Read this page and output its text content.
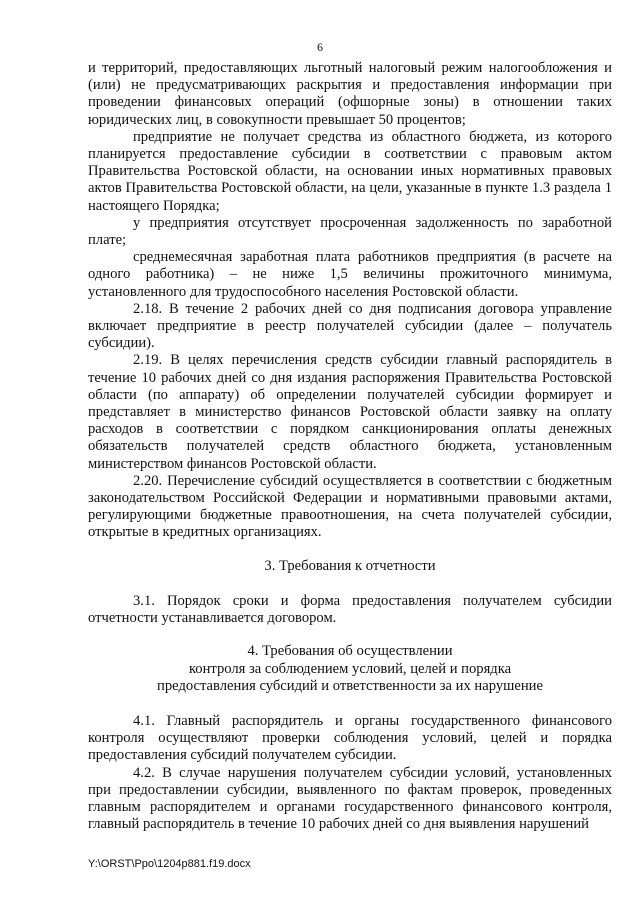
6

и территорий, предоставляющих льготный налоговый режим налогообложения и (или) не предусматривающих раскрытия и предоставления информации при проведении финансовых операций (офшорные зоны) в отношении таких юридических лиц, в совокупности превышает 50 процентов;

предприятие не получает средства из областного бюджета, из которого планируется предоставление субсидии в соответствии с правовым актом Правительства Ростовской области, на основании иных нормативных правовых актов Правительства Ростовской области, на цели, указанные в пункте 1.3 раздела 1 настоящего Порядка;

у предприятия отсутствует просроченная задолженность по заработной плате;

среднемесячная заработная плата работников предприятия (в расчете на одного работника) – не ниже 1,5 величины прожиточного минимума, установленного для трудоспособного населения Ростовской области.

2.18. В течение 2 рабочих дней со дня подписания договора управление включает предприятие в реестр получателей субсидии (далее – получатель субсидии).

2.19. В целях перечисления средств субсидии главный распорядитель в течение 10 рабочих дней со дня издания распоряжения Правительства Ростовской области (по аппарату) об определении получателей субсидии формирует и представляет в министерство финансов Ростовской области заявку на оплату расходов в соответствии с порядком санкционирования оплаты денежных обязательств получателей средств областного бюджета, установленным министерством финансов Ростовской области.

2.20. Перечисление субсидий осуществляется в соответствии с бюджетным законодательством Российской Федерации и нормативными правовыми актами, регулирующими бюджетные правоотношения, на счета получателей субсидии, открытые в кредитных организациях.

3. Требования к отчетности

3.1. Порядок сроки и форма предоставления получателем субсидии отчетности устанавливается договором.

4. Требования об осуществлении

контроля за соблюдением условий, целей и порядка

предоставления субсидий и ответственности за их нарушение

4.1. Главный распорядитель и органы государственного финансового контроля осуществляют проверки соблюдения условий, целей и порядка предоставления субсидий получателем субсидии.

4.2. В случае нарушения получателем субсидии условий, установленных при предоставлении субсидии, выявленного по фактам проверок, проведенных главным распорядителем и органами государственного финансового контроля, главный распорядитель в течение 10 рабочих дней со дня выявления нарушений

Y:\ORST\Ppo\1204p881.f19.docx
